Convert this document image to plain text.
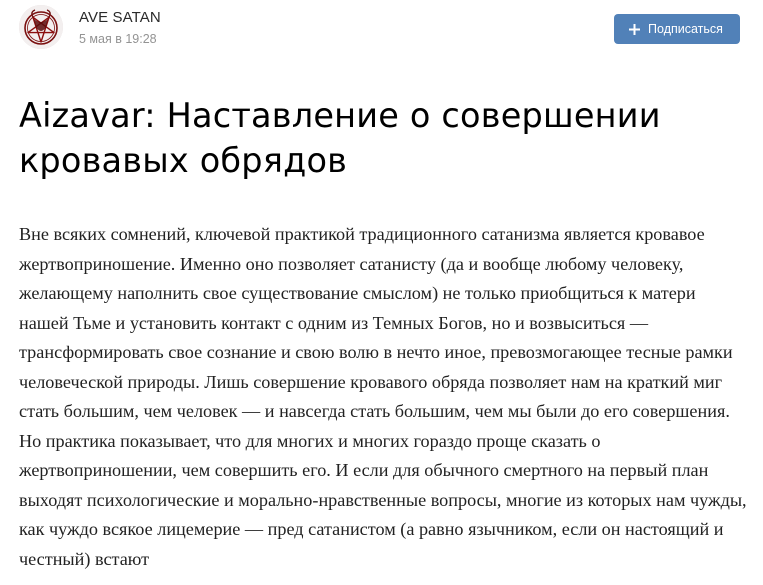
AVE SATAN
5 мая в 19:28
Подписаться
Aizavar: Наставление о совершении кровавых обрядов

Вне всяких сомнений, ключевой практикой традиционного сатанизма является кровавое жертвоприношение. Именно оно позволяет сатанисту (да и вообще любому человеку, желающему наполнить свое существование смыслом) не только приобщиться к матери нашей Тьме и установить контакт с одним из Темных Богов, но и возвыситься —трансформировать свое сознание и свою волю в нечто иное, превозмогающее тесные рамки человеческой природы. Лишь совершение кровавого обряда позволяет нам на краткий миг стать большим, чем человек — и навсегда стать большим, чем мы были до его совершения. Но практика показывает, что для многих и многих гораздо проще сказать о жертвоприношении, чем совершить его. И если для обычного смертного на первый план выходят психологические и морально-нравственные вопросы, многие из которых нам чужды, как чуждо всякое лицемерие — пред сатанистом (а равно язычником, если он настоящий и честный) встают
